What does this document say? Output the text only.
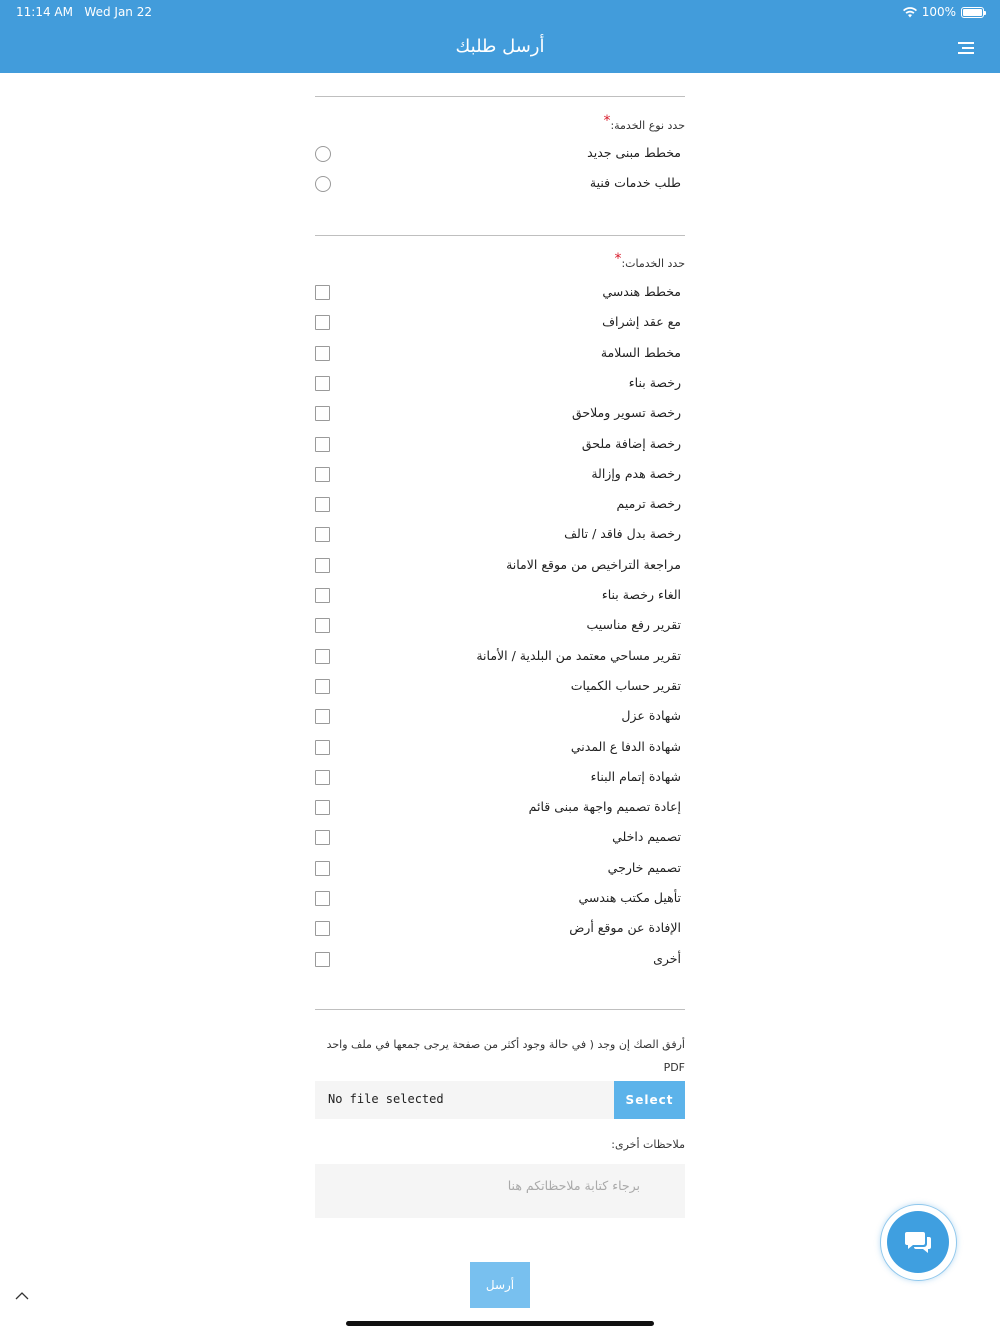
11:14 AM Wed Jan 22	100%
أرسل طلبك
حدد نوع الخدمة:*
مخطط مبنى جديد
طلب خدمات فنية
حدد الخدمات:*
مخطط هندسي
مع عقد إشراف
مخطط السلامة
رخصة بناء
رخصة تسوير وملاحق
رخصة إضافة ملحق
رخصة هدم وإزالة
رخصة ترميم
رخصة بدل فاقد / تالف
مراجعة التراخيص من موقع الامانة
الغاء رخصة بناء
تقرير رفع مناسيب
تقرير مساحي معتمد من البلدية / الأمانة
تقرير حساب الكميات
شهادة عزل
شهادة الدفا ع المدني
شهادة إتمام البناء
إعادة تصميم واجهة مبنى قائم
تصميم داخلي
تصميم خارجي
تأهيل مكتب هندسي
الإفادة عن موقع أرض
أخرى
أرفق الصك إن وجد ( في حالة وجود أكثر من صفحة يرجى جمعها في ملف واحد PDF
No file selected	Select
ملاحظات أخرى:
برجاء كتابة ملاحظاتكم هنا
أرسل
